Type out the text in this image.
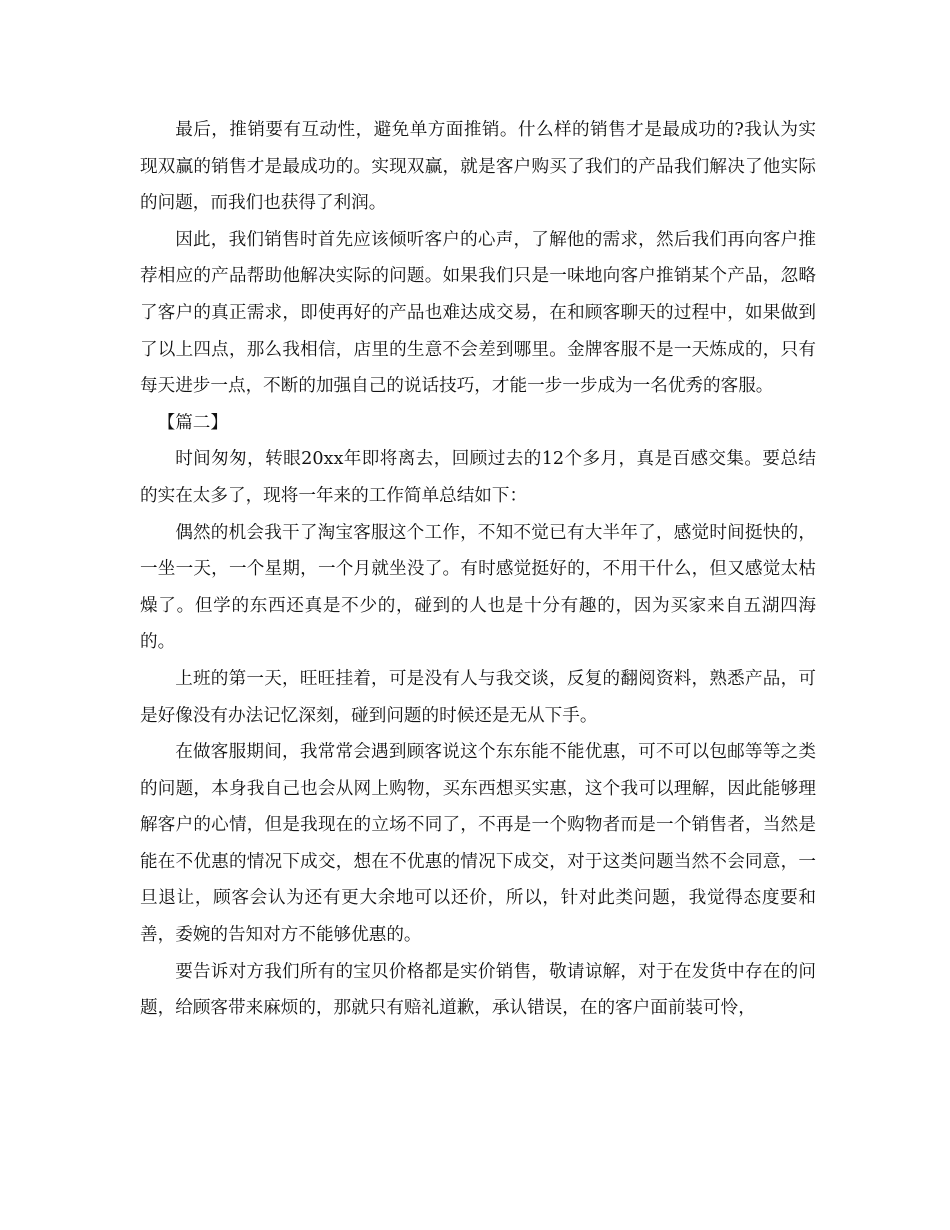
最后，推销要有互动性，避免单方面推销。什么样的销售才是最成功的?我认为实现双赢的销售才是最成功的。实现双赢，就是客户购买了我们的产品我们解决了他实际的问题，而我们也获得了利润。

因此，我们销售时首先应该倾听客户的心声，了解他的需求，然后我们再向客户推荐相应的产品帮助他解决实际的问题。如果我们只是一味地向客户推销某个产品，忽略了客户的真正需求，即使再好的产品也难达成交易，在和顾客聊天的过程中，如果做到了以上四点，那么我相信，店里的生意不会差到哪里。金牌客服不是一天炼成的，只有每天进步一点，不断的加强自己的说话技巧，才能一步一步成为一名优秀的客服。

【篇二】

时间匆匆，转眼20xx年即将离去，回顾过去的12个多月，真是百感交集。要总结的实在太多了，现将一年来的工作简单总结如下：

偶然的机会我干了淘宝客服这个工作，不知不觉已有大半年了，感觉时间挺快的，一坐一天，一个星期，一个月就坐没了。有时感觉挺好的，不用干什么，但又感觉太枯燥了。但学的东西还真是不少的，碰到的人也是十分有趣的，因为买家来自五湖四海的。

上班的第一天，旺旺挂着，可是没有人与我交谈，反复的翻阅资料，熟悉产品，可是好像没有办法记忆深刻，碰到问题的时候还是无从下手。

在做客服期间，我常常会遇到顾客说这个东东能不能优惠，可不可以包邮等等之类的问题，本身我自己也会从网上购物，买东西想买实惠，这个我可以理解，因此能够理解客户的心情，但是我现在的立场不同了，不再是一个购物者而是一个销售者，当然是能在不优惠的情况下成交，想在不优惠的情况下成交，对于这类问题当然不会同意，一旦退让，顾客会认为还有更大余地可以还价，所以，针对此类问题，我觉得态度要和善，委婉的告知对方不能够优惠的。

要告诉对方我们所有的宝贝价格都是实价销售，敬请谅解，对于在发货中存在的问题，给顾客带来麻烦的，那就只有赔礼道歉，承认错误，在的客户面前装可怜，
